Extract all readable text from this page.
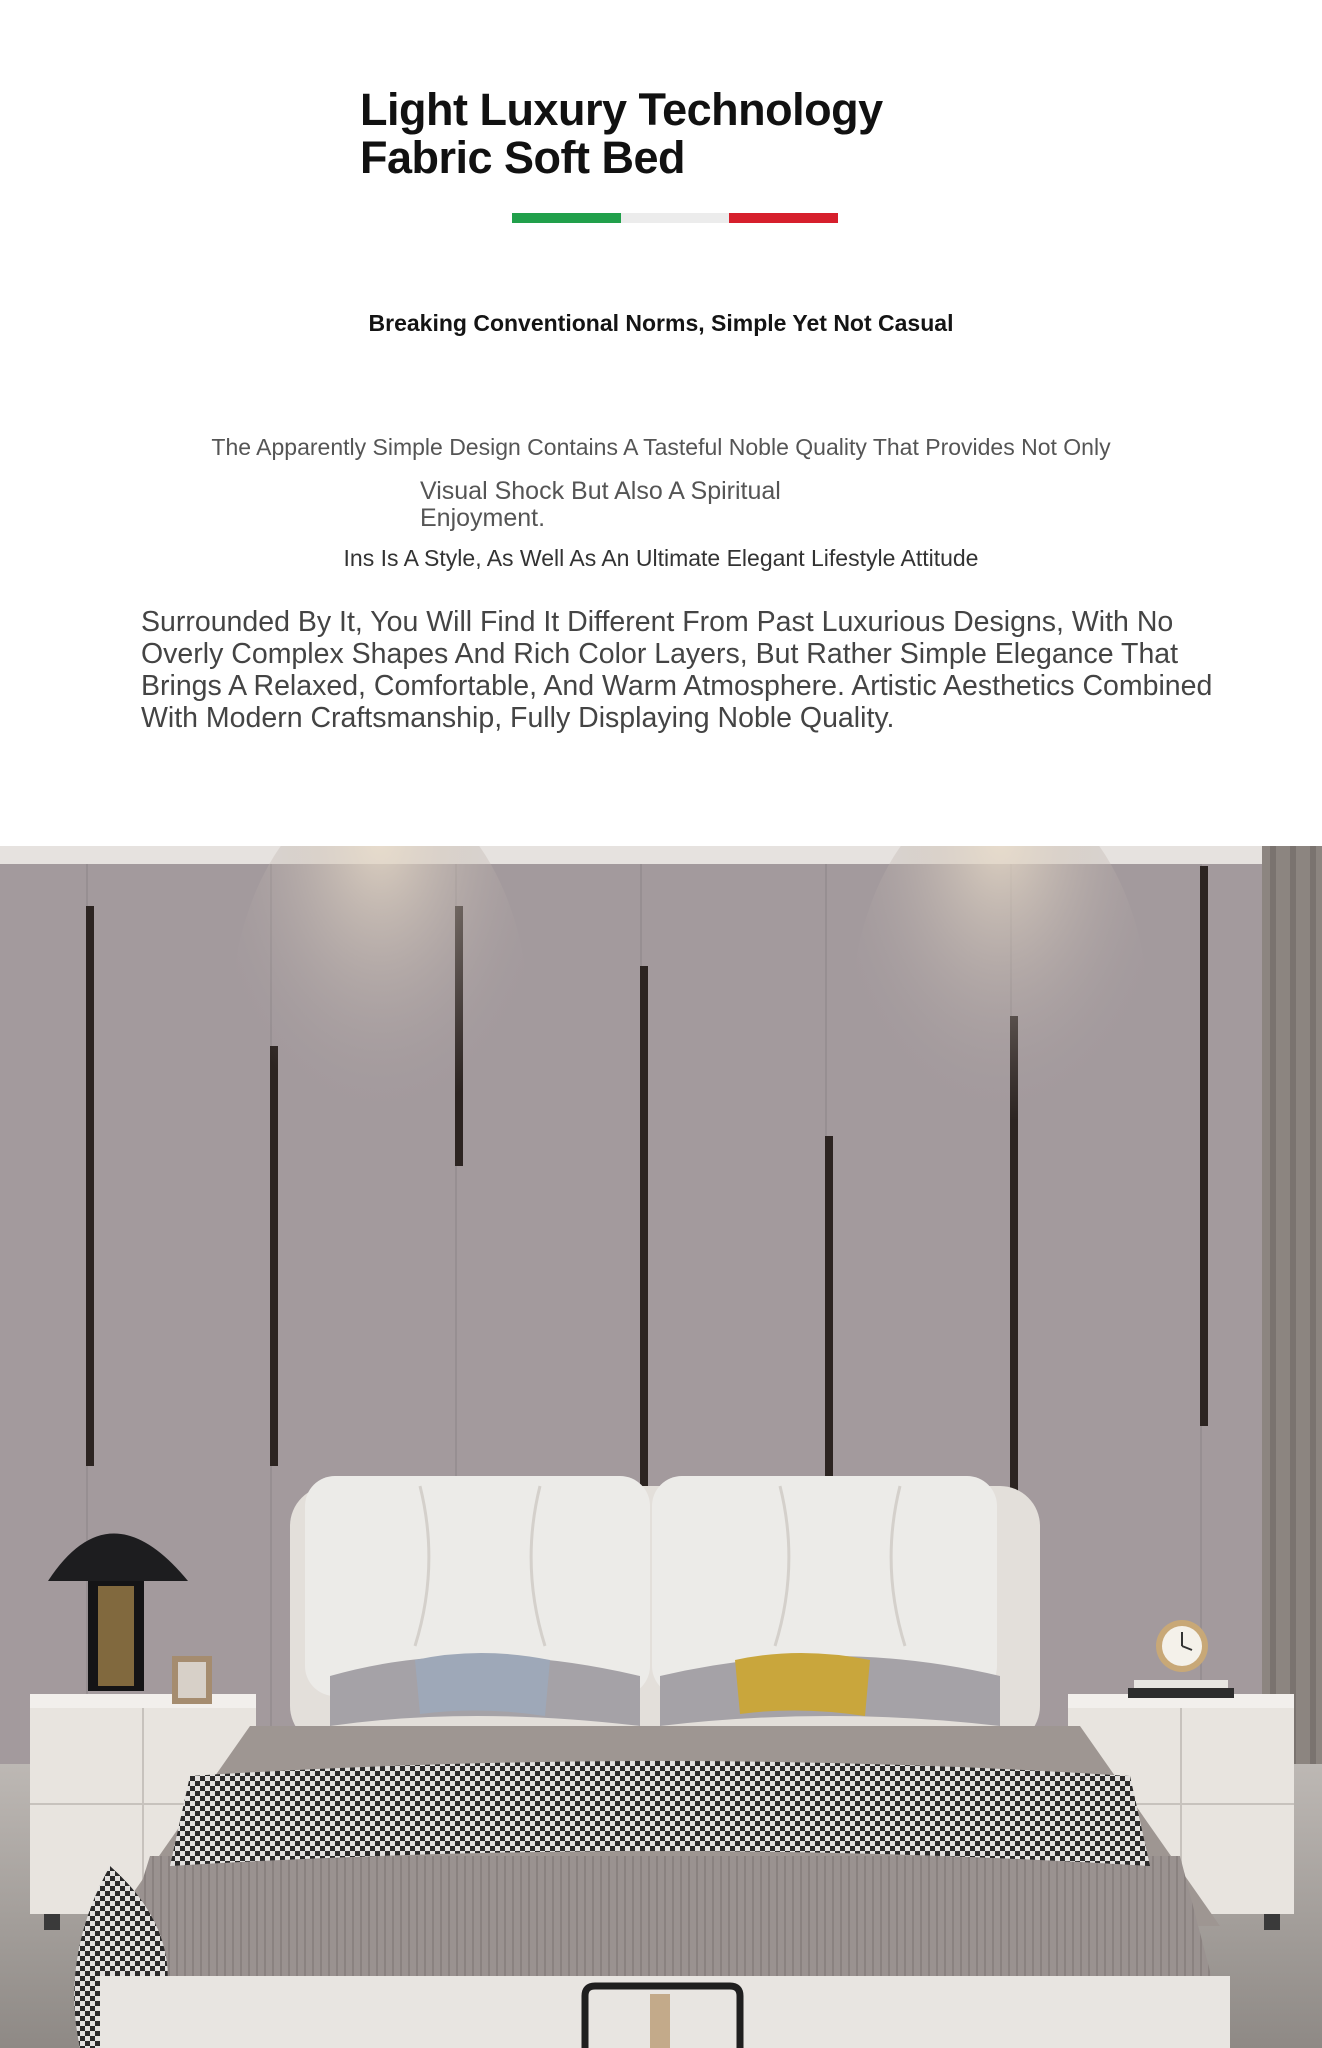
Light Luxury Technology
Fabric Soft Bed
Breaking Conventional Norms, Simple Yet Not Casual
The Apparently Simple Design Contains A Tasteful Noble Quality That Provides Not Only
Visual Shock But Also A Spiritual Enjoyment.
Ins Is A Style, As Well As An Ultimate Elegant Lifestyle Attitude
Surrounded By It, You Will Find It Different From Past Luxurious Designs, With No Overly Complex Shapes And Rich Color Layers, But Rather Simple Elegance That Brings A Relaxed, Comfortable, And Warm Atmosphere. Artistic Aesthetics Combined With Modern Craftsmanship, Fully Displaying Noble Quality.
